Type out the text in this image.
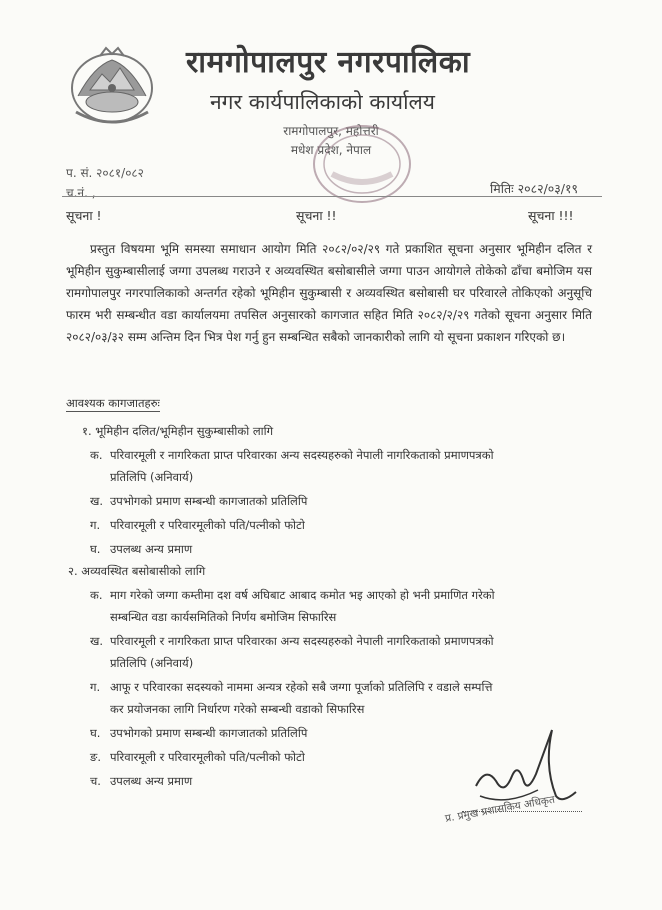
रामगोपालपुर नगरपालिका
नगर कार्यपालिकाको कार्यालय
रामगोपालपुर, महोत्तरी
मधेश प्रदेश, नेपाल
प. सं. २०८१/०८२
च.नं. ,	मितिः २०८२/०३/१९
सूचना !	सूचना !!	सूचना !!!
प्रस्तुत विषयमा भूमि समस्या समाधान आयोग मिति २०८२/०२/२९ गते प्रकाशित सूचना अनुसार भूमिहीन दलित र भूमिहीन सुकुम्बासीलाई जग्गा उपलब्ध गराउने र अव्यवस्थित बसोबासीले जग्गा पाउन आयोगले तोकेको ढाँचा बमोजिम यस रामगोपालपुर नगरपालिकाको अन्तर्गत रहेको भूमिहीन सुकुम्बासी र अव्यवस्थित बसोबासी घर परिवारले तोकिएको अनुसूचि फारम भरी सम्बन्धीत वडा कार्यालयमा तपसिल अनुसारको कागजात सहित मिति २०८२/२/२९ गतेको सूचना अनुसार मिति २०८२/०३/३२ सम्म अन्तिम दिन भित्र पेश गर्नु हुन सम्बन्धित सबैको जानकारीको लागि यो सूचना प्रकाशन गरिएको छ।
आवश्यक कागजातहरुः
१. भूमिहीन दलित/भूमिहीन सुकुम्बासीको लागि
क. परिवारमूली र नागरिकता प्राप्त परिवारका अन्य सदस्यहरुको नेपाली नागरिकताको प्रमाणपत्रको
प्रतिलिपि (अनिवार्य)
ख. उपभोगको प्रमाण सम्बन्धी कागजातको प्रतिलिपि
ग. परिवारमूली र परिवारमूलीको पति/पत्नीको फोटो
घ. उपलब्ध अन्य प्रमाण
२. अव्यवस्थित बसोबासीको लागि
क. माग गरेको जग्गा कम्तीमा दश वर्ष अघिबाट आबाद कमोत भइ आएको हो भनी प्रमाणित गरेको
सम्बन्धित वडा कार्यसमितिको निर्णय बमोजिम सिफारिस
ख. परिवारमूली र नागरिकता प्राप्त परिवारका अन्य सदस्यहरुको नेपाली नागरिकताको प्रमाणपत्रको
प्रतिलिपि (अनिवार्य)
ग. आफू र परिवारका सदस्यको नाममा अन्यत्र रहेको सबै जग्गा पूर्जाको प्रतिलिपि र वडाले सम्पत्ति
कर प्रयोजनका लागि निर्धारण गरेको सम्बन्धी वडाको सिफारिस
घ. उपभोगको प्रमाण सम्बन्धी कागजातको प्रतिलिपि
ङ. परिवारमूली र परिवारमूलीको पति/पत्नीको फोटो
च. उपलब्ध अन्य प्रमाण
प्र. प्रमुख प्रशासकिय अधिकृत
